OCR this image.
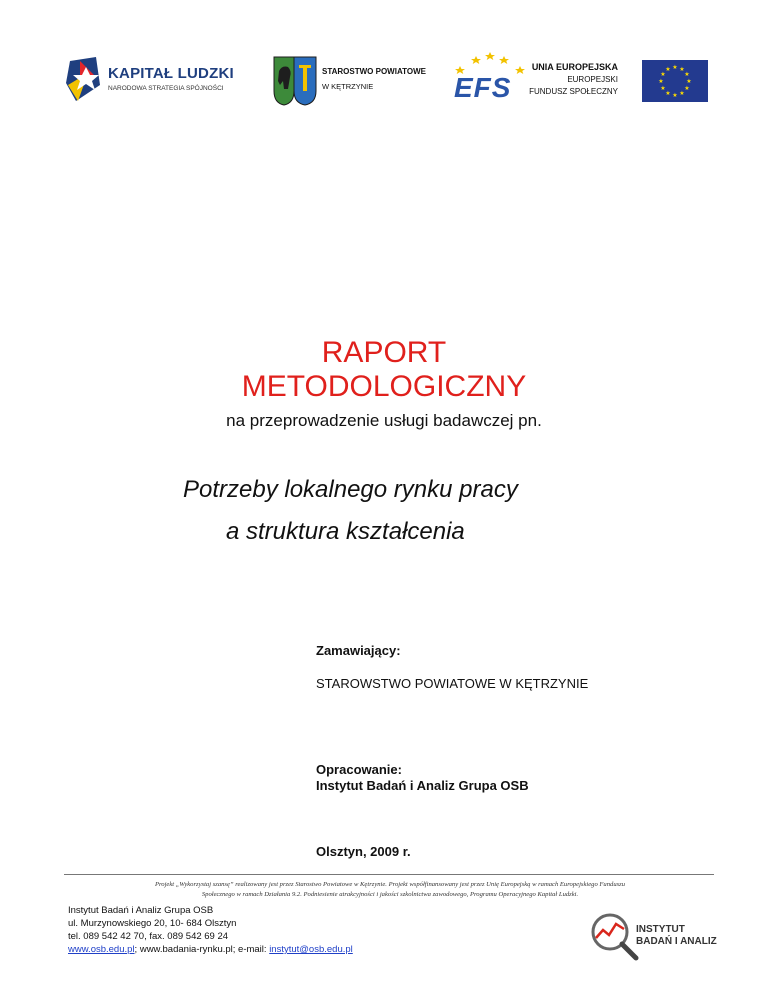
KAPITAŁ LUDZKI
NARODOWA STRATEGIA SPÓJNOŚCI
STAROSTWO POWIATOWE
W KĘTRZYNIE	EFS
UNIA EUROPEJSKA
EUROPEJSKI
FUNDUSZ SPOŁECZNY
★ ★
★
★
★
★
★
★
★
★
★
★
RAPORT
METODOLOGICZNY
na przeprowadzenie usługi badawczej pn.
Potrzeby lokalnego rynku pracy
a struktura kształcenia
Zamawiający:
STAROWSTWO POWIATOWE W KĘTRZYNIE
Opracowanie:
Instytut Badań i Analiz Grupa OSB
Olsztyn, 2009 r.
Projekt „Wykorzystaj szansę” realizowany jest przez Starostwo Powiatowe w Kętrzynie. Projekt współfinansowany jest przez Unię Europejską w ramach Europejskiego Funduszu
Społecznego w ramach Działania 9.2. Podniesienie atrakcyjności i jakości szkolnictwa zawodowego, Programu Operacyjnego Kapitał Ludzki.
Instytut Badań i Analiz Grupa OSB
ul. Murzynowskiego 20, 10- 684 Olsztyn
tel. 089 542 42 70, fax. 089 542 69 24
www.osb.edu.pl; www.badania-rynku.pl; e-mail: instytut@osb.edu.pl
INSTYTUT
BADAŃ I ANALIZ
